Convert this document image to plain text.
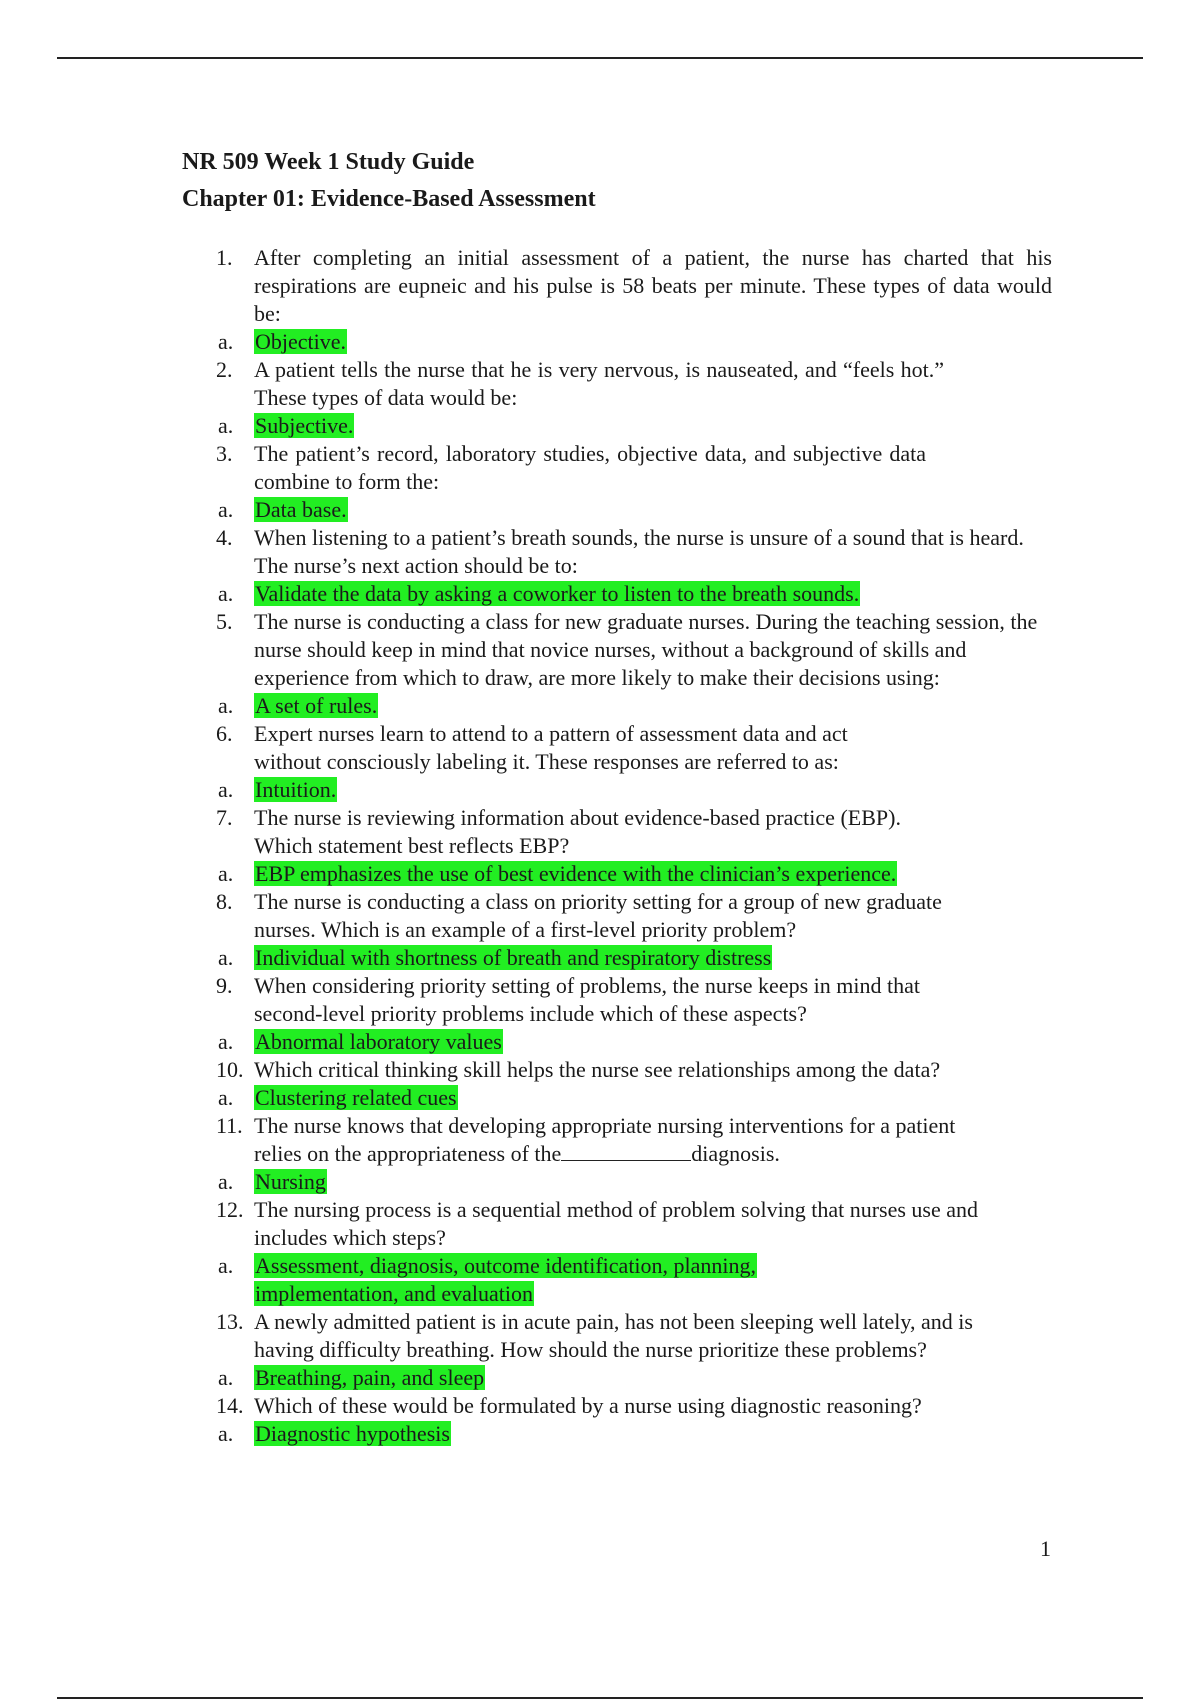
NR 509 Week 1 Study Guide

Chapter 01: Evidence-Based Assessment

1. After completing an initial assessment of a patient, the nurse has charted that his respirations are eupneic and his pulse is 58 beats per minute. These types of data would be:
a. Objective.
2. A patient tells the nurse that he is very nervous, is nauseated, and “feels hot.” These types of data would be:
a. Subjective.
3. The patient’s record, laboratory studies, objective data, and subjective data combine to form the:
a. Data base.
4. When listening to a patient’s breath sounds, the nurse is unsure of a sound that is heard. The nurse’s next action should be to:
a. Validate the data by asking a coworker to listen to the breath sounds.
5. The nurse is conducting a class for new graduate nurses. During the teaching session, the nurse should keep in mind that novice nurses, without a background of skills and experience from which to draw, are more likely to make their decisions using:
a. A set of rules.
6. Expert nurses learn to attend to a pattern of assessment data and act
without consciously labeling it. These responses are referred to as:
a. Intuition.
7. The nurse is reviewing information about evidence-based practice (EBP).
Which statement best reflects EBP?
a. EBP emphasizes the use of best evidence with the clinician’s experience.
8. The nurse is conducting a class on priority setting for a group of new graduate
nurses. Which is an example of a first-level priority problem?
a. Individual with shortness of breath and respiratory distress
9. When considering priority setting of problems, the nurse keeps in mind that
second-level priority problems include which of these aspects?
a. Abnormal laboratory values
10. Which critical thinking skill helps the nurse see relationships among the data?
a. Clustering related cues
11. The nurse knows that developing appropriate nursing interventions for a patient
relies on the appropriateness of the	diagnosis.
a. Nursing
12. The nursing process is a sequential method of problem solving that nurses use and
includes which steps?
a. Assessment, diagnosis, outcome identification, planning,
implementation, and evaluation
13. A newly admitted patient is in acute pain, has not been sleeping well lately, and is
having difficulty breathing. How should the nurse prioritize these problems?
a. Breathing, pain, and sleep
14. Which of these would be formulated by a nurse using diagnostic reasoning?
a. Diagnostic hypothesis
1
